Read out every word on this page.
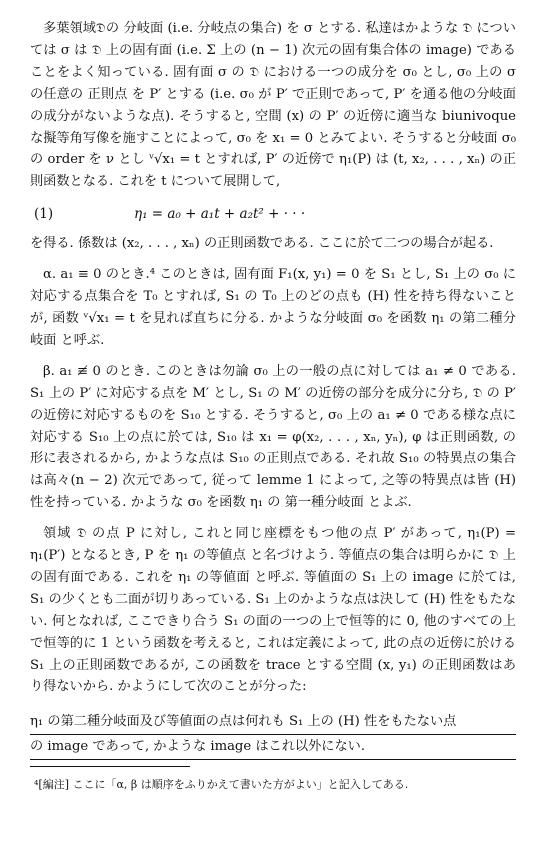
多葉領域𝔇の 分岐面 (i.e. 分岐点の集合) を σ とする. 私達はかような 𝔇 については σ は 𝔇 上の固有面 (i.e. Σ 上の (n − 1) 次元の固有集合体の image) であることをよく知っている. 固有面 σ の 𝔇 における一つの成分を σ₀ とし, σ₀ 上の σ の任意の 正則点 を P′ とする (i.e. σ₀ が P′ で正則であって, P′ を通る他の分岐面の成分がないような点). そうすると, 空間 (x) の P′ の近傍に適当な biunivoque な擬等角写像を施すことによって, σ₀ を x₁ = 0 とみてよい. そうすると分岐面 σ₀ の order を ν とし ᵛ√x₁ = t とすれば, P′ の近傍で η₁(P) は (t, x₂, . . . , xₙ) の正則函数となる. これを t について展開して,

(1)	η₁ = a₀ + a₁t + a₂t² + · · ·

を得る. 係数は (x₂, . . . , xₙ) の正則函数である. ここに於て二つの場合が起る.

α. a₁ ≡ 0 のとき.⁴ このときは, 固有面 F₁(x, y₁) = 0 を S₁ とし, S₁ 上の σ₀ に対応する点集合を T₀ とすれば, S₁ の T₀ 上のどの点も (H) 性を持ち得ないことが, 函数 ᵛ√x₁ = t を見れば直ちに分る. かような分岐面 σ₀ を函数 η₁ の第二種分岐面 と呼ぶ.

β. a₁ ≢ 0 のとき. このときは勿論 σ₀ 上の一般の点に対しては a₁ ≠ 0 である. S₁ 上の P′ に対応する点を M′ とし, S₁ の M′ の近傍の部分を成分に分ち, 𝔇 の P′ の近傍に対応するものを S₁₀ とする. そうすると, σ₀ 上の a₁ ≠ 0 である様な点に対応する S₁₀ 上の点に於ては, S₁₀ は x₁ = φ(x₂, . . . , xₙ, yₙ), φ は正則函数, の形に表されるから, かような点は S₁₀ の正則点である. それ故 S₁₀ の特異点の集合は高々(n − 2) 次元であって, 従って lemme 1 によって, 之等の特異点は皆 (H) 性を持っている. かような σ₀ を函数 η₁ の 第一種分岐面 とよぶ.

領域 𝔇 の点 P に対し, これと同じ座標をもつ他の点 P′ があって, η₁(P) = η₁(P′) となるとき, P を η₁ の等値点 と名づけよう. 等値点の集合は明らかに 𝔇 上の固有面である. これを η₁ の等値面 と呼ぶ. 等値面の S₁ 上の image に於ては, S₁ の少くとも二面が切りあっている. S₁ 上のかような点は決して (H) 性をもたない. 何となれば, ここできり合う S₁ の面の一つの上で恒等的に 0, 他のすべての上で恒等的に 1 という函数を考えると, これは定義によって, 此の点の近傍に於ける S₁ 上の正則函数であるが, この函数を trace とする空間 (x, y₁) の正則函数はあり得ないから. かようにして次のことが分った:

η₁ の第二種分岐面及び等値面の点は何れも S₁ 上の (H) 性をもたない点
の image であって, かような image はこれ以外にない.
⁴[編注] ここに「α, β は順序をふりかえて書いた方がよい」と記入してある.
